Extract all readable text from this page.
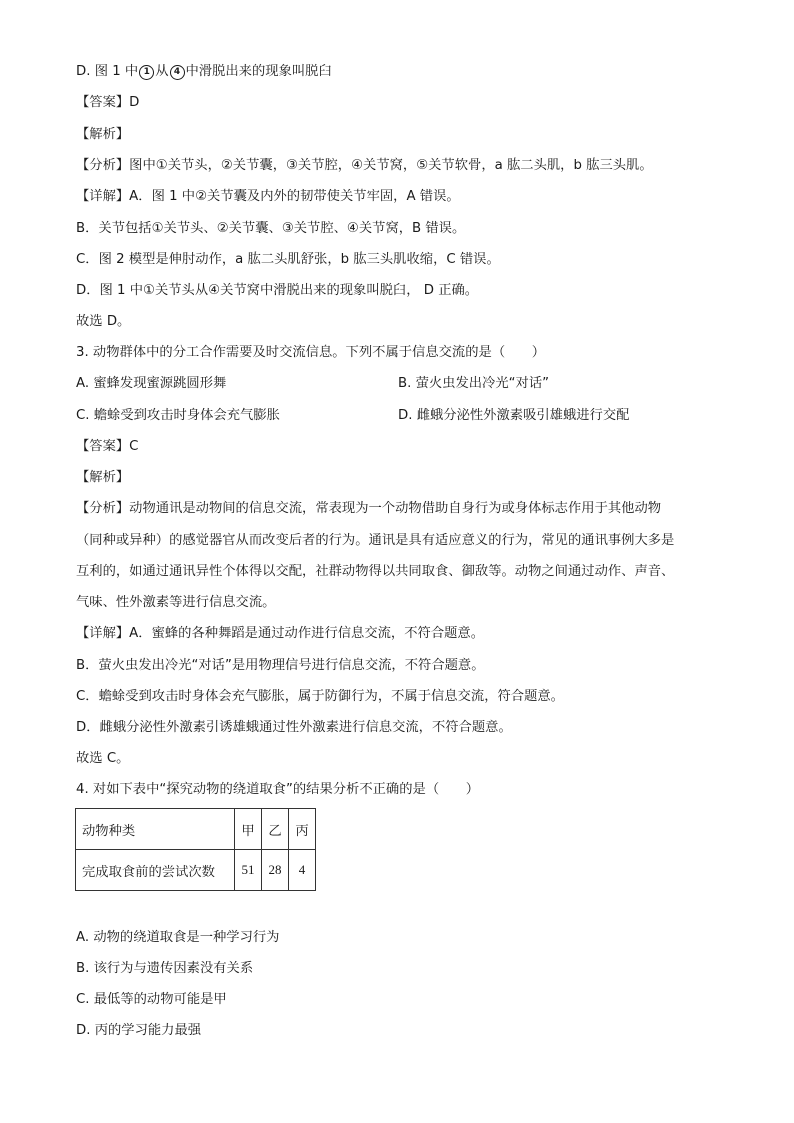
D. 图 1 中 1 从 4 中滑脱出来的现象叫脱臼
【答案】D
【解析】
【分析】图中①关节头，②关节囊，③关节腔，④关节窝，⑤关节软骨，a 肱二头肌，b 肱三头肌。
【详解】A．图 1 中②关节囊及内外的韧带使关节牢固，A 错误。
B．关节包括①关节头、②关节囊、③关节腔、④关节窝，B 错误。
C．图 2 模型是伸肘动作，a 肱二头肌舒张，b 肱三头肌收缩，C 错误。
D．图 1 中①关节头从④关节窝中滑脱出来的现象叫脱臼， D 正确。
故选 D。
3. 动物群体中的分工合作需要及时交流信息。下列不属于信息交流的是（　　）
A. 蜜蜂发现蜜源跳圆形舞	B. 萤火虫发出冷光“对话”
C. 蟾蜍受到攻击时身体会充气膨胀	D. 雌蛾分泌性外激素吸引雄蛾进行交配
【答案】C
【解析】
【分析】动物通讯是动物间的信息交流，常表现为一个动物借助自身行为或身体标志作用于其他动物
（同种或异种）的感觉器官从而改变后者的行为。通讯是具有适应意义的行为，常见的通讯事例大多是
互利的，如通过通讯异性个体得以交配，社群动物得以共同取食、御敌等。动物之间通过动作、声音、
气味、性外激素等进行信息交流。
【详解】A．蜜蜂的各种舞蹈是通过动作进行信息交流，不符合题意。
B．萤火虫发出冷光“对话”是用物理信号进行信息交流，不符合题意。
C．蟾蜍受到攻击时身体会充气膨胀，属于防御行为，不属于信息交流，符合题意。
D．雌蛾分泌性外激素引诱雄蛾通过性外激素进行信息交流，不符合题意。
故选 C。
4. 对如下表中“探究动物的绕道取食”的结果分析不正确的是（　　）
动物种类	甲	乙	丙
完成取食前的尝试次数	51	28	4
A. 动物的绕道取食是一种学习行为
B. 该行为与遗传因素没有关系
C. 最低等的动物可能是甲
D. 丙的学习能力最强
